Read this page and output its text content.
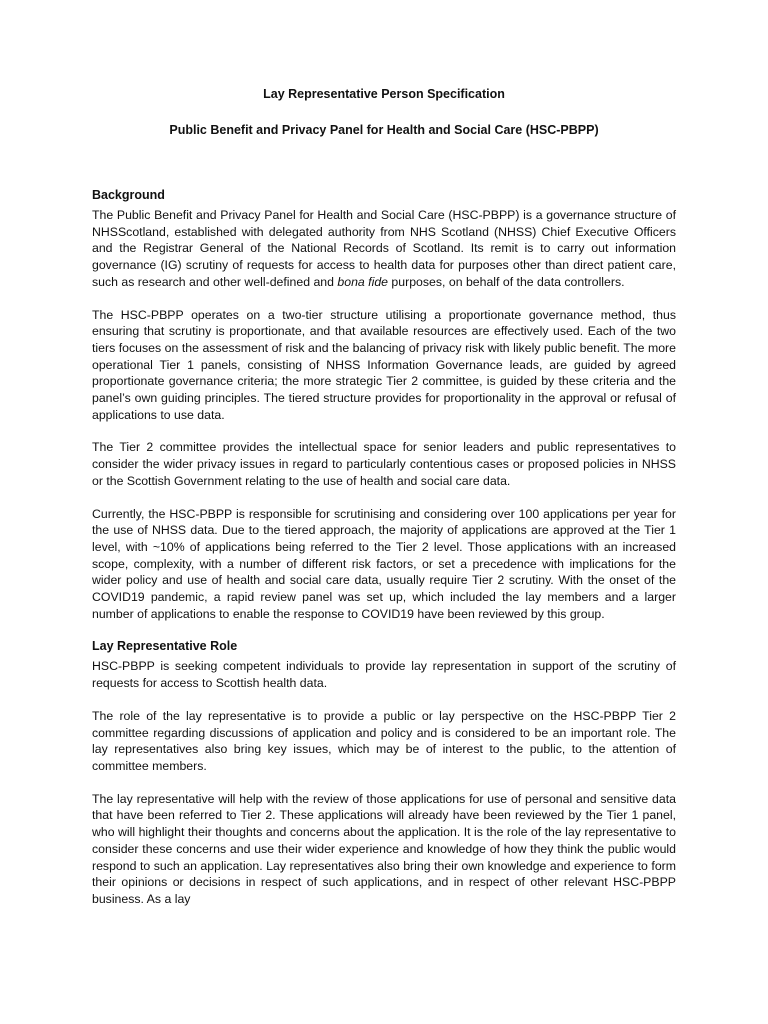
Lay Representative Person Specification

Public Benefit and Privacy Panel for Health and Social Care (HSC-PBPP)

Background

The Public Benefit and Privacy Panel for Health and Social Care (HSC-PBPP) is a governance structure of NHSScotland, established with delegated authority from NHS Scotland (NHSS) Chief Executive Officers and the Registrar General of the National Records of Scotland. Its remit is to carry out information governance (IG) scrutiny of requests for access to health data for purposes other than direct patient care, such as research and other well-defined and bona fide purposes, on behalf of the data controllers.

The HSC-PBPP operates on a two-tier structure utilising a proportionate governance method, thus ensuring that scrutiny is proportionate, and that available resources are effectively used. Each of the two tiers focuses on the assessment of risk and the balancing of privacy risk with likely public benefit. The more operational Tier 1 panels, consisting of NHSS Information Governance leads, are guided by agreed proportionate governance criteria; the more strategic Tier 2 committee, is guided by these criteria and the panel’s own guiding principles. The tiered structure provides for proportionality in the approval or refusal of applications to use data.

The Tier 2 committee provides the intellectual space for senior leaders and public representatives to consider the wider privacy issues in regard to particularly contentious cases or proposed policies in NHSS or the Scottish Government relating to the use of health and social care data.

Currently, the HSC-PBPP is responsible for scrutinising and considering over 100 applications per year for the use of NHSS data. Due to the tiered approach, the majority of applications are approved at the Tier 1 level, with ~10% of applications being referred to the Tier 2 level. Those applications with an increased scope, complexity, with a number of different risk factors, or set a precedence with implications for the wider policy and use of health and social care data, usually require Tier 2 scrutiny. With the onset of the COVID19 pandemic, a rapid review panel was set up, which included the lay members and a larger number of applications to enable the response to COVID19 have been reviewed by this group.

Lay Representative Role

HSC-PBPP is seeking competent individuals to provide lay representation in support of the scrutiny of requests for access to Scottish health data.

The role of the lay representative is to provide a public or lay perspective on the HSC-PBPP Tier 2 committee regarding discussions of application and policy and is considered to be an important role. The lay representatives also bring key issues, which may be of interest to the public, to the attention of committee members.

The lay representative will help with the review of those applications for use of personal and sensitive data that have been referred to Tier 2. These applications will already have been reviewed by the Tier 1 panel, who will highlight their thoughts and concerns about the application. It is the role of the lay representative to consider these concerns and use their wider experience and knowledge of how they think the public would respond to such an application. Lay representatives also bring their own knowledge and experience to form their opinions or decisions in respect of such applications, and in respect of other relevant HSC-PBPP business. As a lay
